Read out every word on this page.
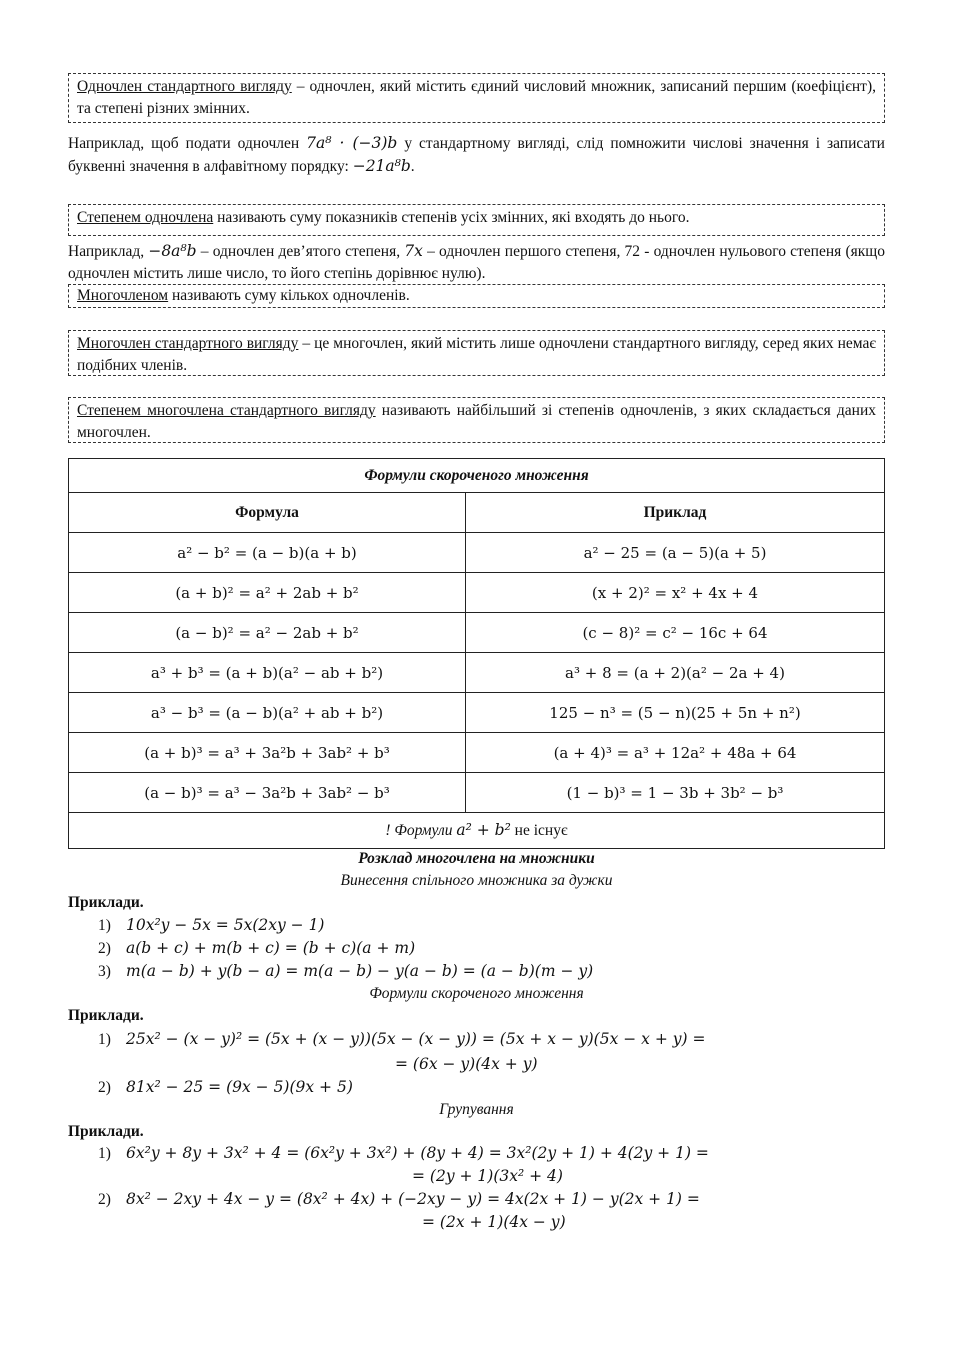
Одночлен стандартного вигляду – одночлен, який містить єдиний числовий множник, записаний першим (коефіцієнт), та степені різних змінних.
Наприклад, щоб подати одночлен 7a⁸ · (−3)b у стандартному вигляді, слід помножити числові значення і записати буквенні значення в алфавітному порядку: −21a⁸b.
Степенем одночлена називають суму показників степенів усіх змінних, які входять до нього.
Наприклад, −8a⁸b – одночлен дев’ятого степеня, 7x – одночлен першого степеня, 72 - одночлен нульового степеня (якщо одночлен містить лише число, то його степінь дорівнює нулю).
Многочленом називають суму кількох одночленів.
Многочлен стандартного вигляду – це многочлен, який містить лише одночлени стандартного вигляду, серед яких немає подібних членів.
Степенем многочлена стандартного вигляду називають найбільший зі степенів одночленів, з яких складається даних многочлен.
Формули скороченого множення	
Формула	Приклад
a² − b² = (a − b)(a + b)	a² − 25 = (a − 5)(a + 5)
(a + b)² = a² + 2ab + b²	(x + 2)² = x² + 4x + 4
(a − b)² = a² − 2ab + b²	(c − 8)² = c² − 16c + 64
a³ + b³ = (a + b)(a² − ab + b²)	a³ + 8 = (a + 2)(a² − 2a + 4)
a³ − b³ = (a − b)(a² + ab + b²)	125 − n³ = (5 − n)(25 + 5n + n²)
(a + b)³ = a³ + 3a²b + 3ab² + b³	(a + 4)³ = a³ + 12a² + 48a + 64
(a − b)³ = a³ − 3a²b + 3ab² − b³	(1 − b)³ = 1 − 3b + 3b² − b³
! Формули a² + b² не існує	
Розклад многочлена на множники
Винесення спільного множника за дужки
Приклади.
1) 10x²y − 5x = 5x(2xy − 1)
2) a(b + c) + m(b + c) = (b + c)(a + m)
3) m(a − b) + y(b − a) = m(a − b) − y(a − b) = (a − b)(m − y)
Формули скороченого множення
Приклади.
1) 25x² − (x − y)² = (5x + (x − y))(5x − (x − y)) = (5x + x − y)(5x − x + y) =
= (6x − y)(4x + y)
2) 81x² − 25 = (9x − 5)(9x + 5)
Групування
Приклади.
1) 6x²y + 8y + 3x² + 4 = (6x²y + 3x²) + (8y + 4) = 3x²(2y + 1) + 4(2y + 1) =
= (2y + 1)(3x² + 4)
2) 8x² − 2xy + 4x − y = (8x² + 4x) + (−2xy − y) = 4x(2x + 1) − y(2x + 1) =
= (2x + 1)(4x − y)
